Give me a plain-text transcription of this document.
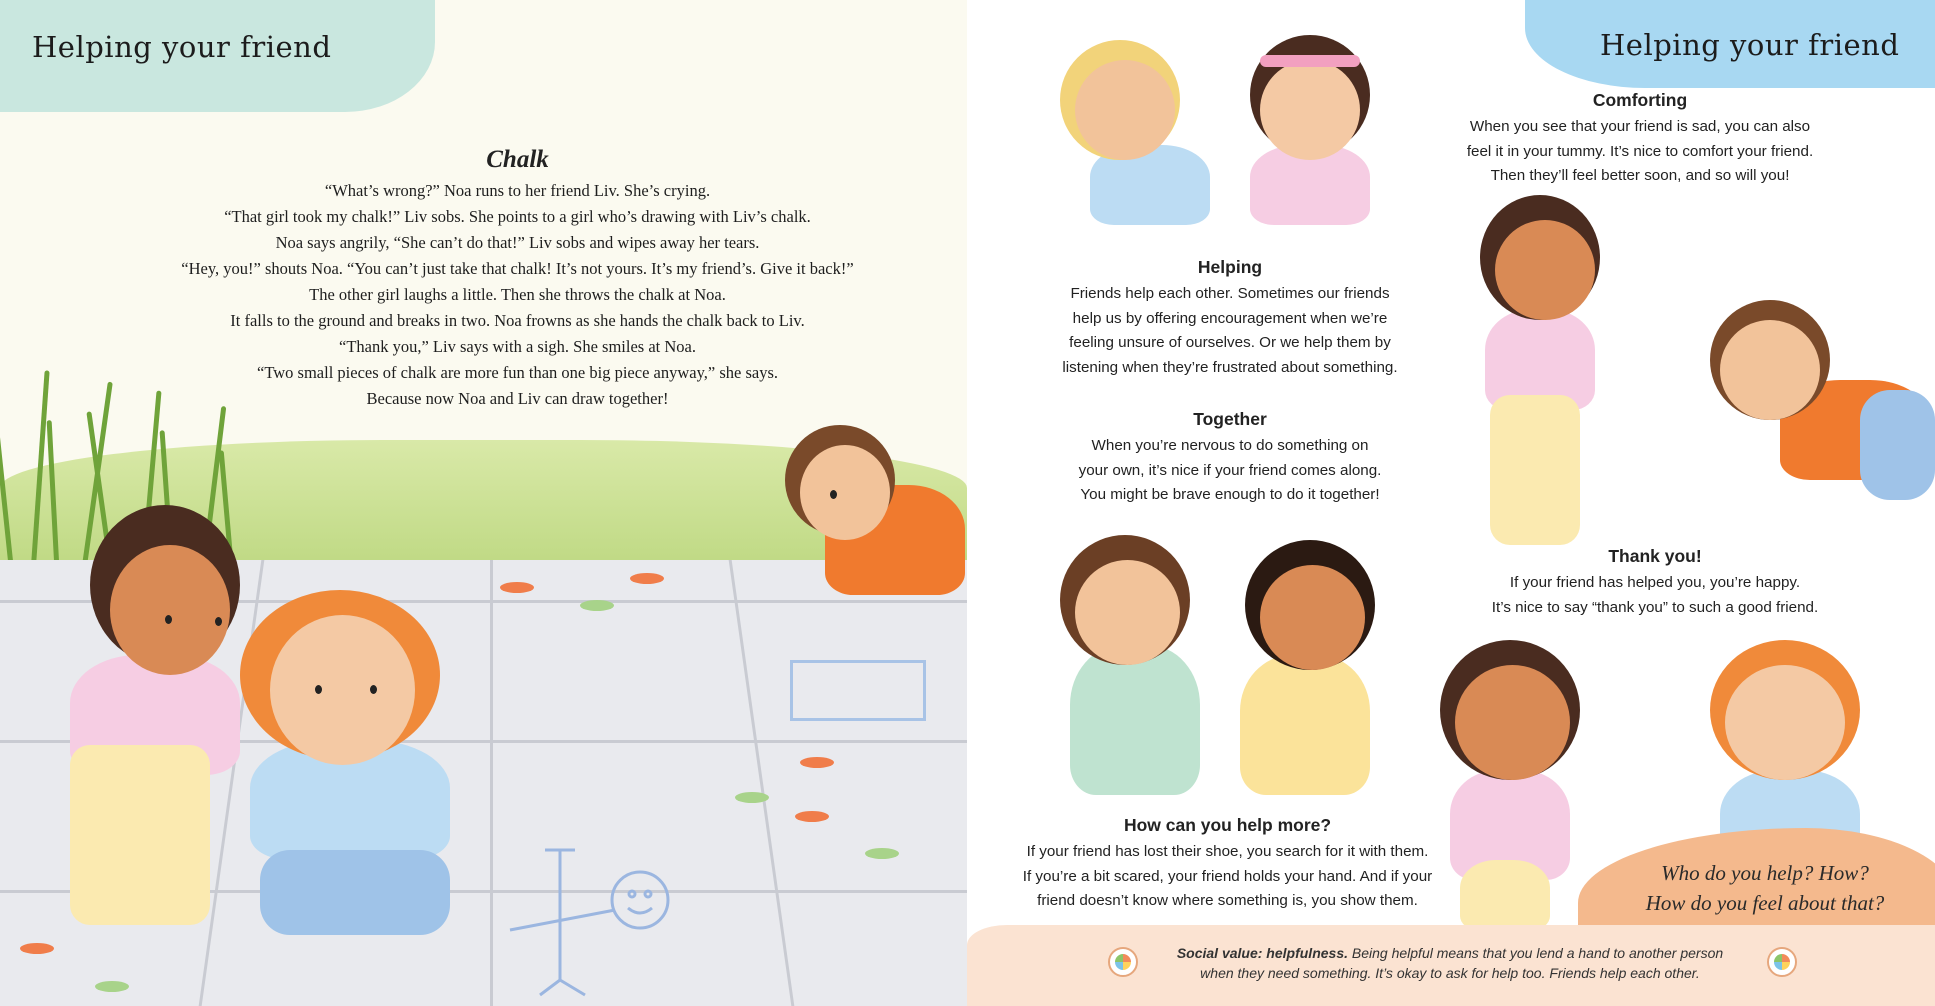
Helping your friend
Chalk
“What’s wrong?” Noa runs to her friend Liv. She’s crying.
“That girl took my chalk!” Liv sobs. She points to a girl who’s drawing with Liv’s chalk.
Noa says angrily, “She can’t do that!” Liv sobs and wipes away her tears.
“Hey, you!” shouts Noa. “You can’t just take that chalk! It’s not yours. It’s my friend’s. Give it back!”
The other girl laughs a little. Then she throws the chalk at Noa.
It falls to the ground and breaks in two. Noa frowns as she hands the chalk back to Liv.
“Thank you,” Liv says with a sigh. She smiles at Noa.
“Two small pieces of chalk are more fun than one big piece anyway,” she says.
Because now Noa and Liv can draw together!
Helping your friend
Comforting
When you see that your friend is sad, you can also
feel it in your tummy. It’s nice to comfort your friend.
Then they’ll feel better soon, and so will you!
Helping
Friends help each other. Sometimes our friends
help us by offering encouragement when we’re
feeling unsure of ourselves. Or we help them by
listening when they’re frustrated about something.
Together
When you’re nervous to do something on
your own, it’s nice if your friend comes along.
You might be brave enough to do it together!
Thank you!
If your friend has helped you, you’re happy.
It’s nice to say “thank you” to such a good friend.
How can you help more?
If your friend has lost their shoe, you search for it with them.
If you’re a bit scared, your friend holds your hand. And if your
friend doesn’t know where something is, you show them.
Who do you help? How?
How do you feel about that?
Social value: helpfulness. Being helpful means that you lend a hand to another person
when they need something. It’s okay to ask for help too. Friends help each other.
